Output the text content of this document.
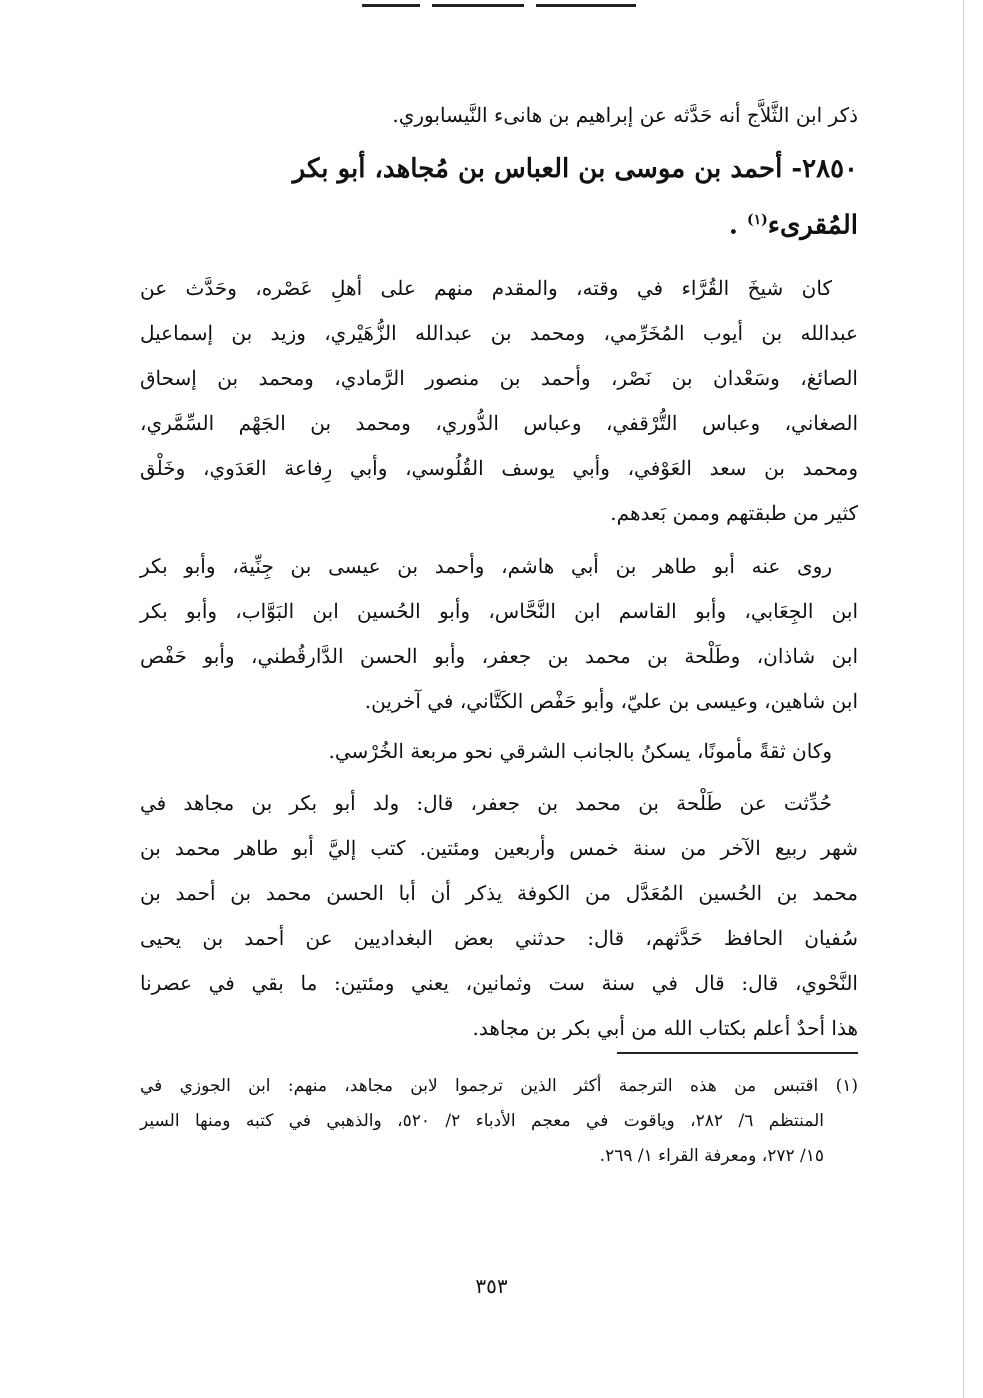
ذكر ابن الثَّلاَّج أنه حَدَّثه عن إبراهيم بن هانىء النَّيسابوري.
٢٨٥٠- أحمد بن موسى بن العباس بن مُجاهد، أبو بكر
المُقرىء$^{(١)}$ .
كان شيخَ القُرَّاء في وقته، والمقدم منهم على أهلِ عَصْره، وحَدَّث عن
عبدالله بن أيوب المُخَرِّمي، ومحمد بن عبدالله الزُّهَيْري، وزيد بن إسماعيل
الصائغ، وسَعْدان بن نَصْر، وأحمد بن منصور الرَّمادي، ومحمد بن إسحاق
الصغاني، وعباس التُّرْقفي، وعباس الدُّوري، ومحمد بن الجَهْم السِّمَّري،
ومحمد بن سعد العَوْفي، وأبي يوسف القُلُوسي، وأبي رِفاعة العَدَوي، وخَلْق
كثير من طبقتهم وممن بَعدهم.
روى عنه أبو طاهر بن أبي هاشم، وأحمد بن عيسى بن جِنِّية، وأبو بكر
ابن الجِعَابي، وأبو القاسم ابن النَّحَّاس، وأبو الحُسين ابن البَوَّاب، وأبو بكر
ابن شاذان، وطَلْحة بن محمد بن جعفر، وأبو الحسن الدَّارقُطني، وأبو حَفْص
ابن شاهين، وعيسى بن عليّ، وأبو حَفْص الكَتَّاني، في آخرين.
وكان ثقةً مأمونًا، يسكنُ بالجانب الشرقي نحو مربعة الخُرْسي.
حُدِّثت عن طَلْحة بن محمد بن جعفر، قال: ولد أبو بكر بن مجاهد في
شهر ربيع الآخر من سنة خمس وأربعين ومئتين. كتب إليَّ أبو طاهر محمد بن
محمد بن الحُسين المُعَدَّل من الكوفة يذكر أن أبا الحسن محمد بن أحمد بن
سُفيان الحافظ حَدَّثهم، قال: حدثني بعض البغداديين عن أحمد بن يحيى
النَّحْوي، قال: قال في سنة ست وثمانين، يعني ومئتين: ما بقي في عصرنا
هذا أحدٌ أعلم بكتاب الله من أبي بكر بن مجاهد.
(١) اقتبس من هذه الترجمة أكثر الذين ترجموا لابن مجاهد، منهم: ابن الجوزي في
المنتظم ٦/ ٢٨٢، وياقوت في معجم الأدباء ٢/ ٥٢٠، والذهبي في كتبه ومنها السير
١٥/ ٢٧٢، ومعرفة القراء ١/ ٢٦٩.
٣٥٣
